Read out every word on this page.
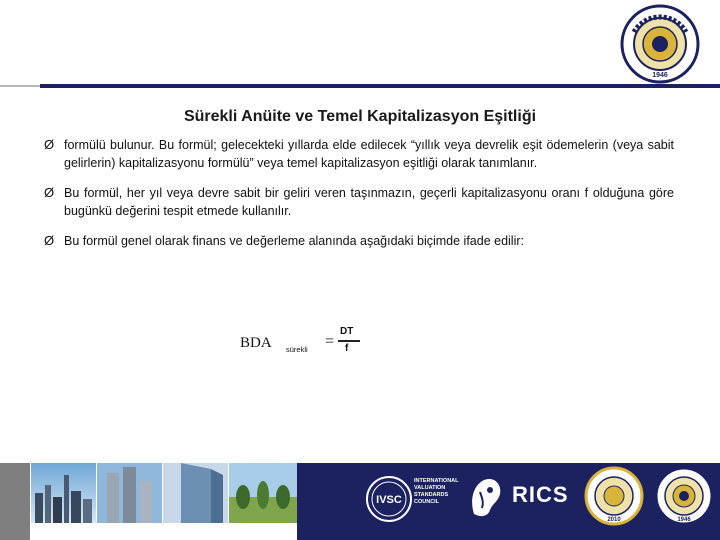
1946
Sürekli Anüite ve Temel Kapitalizasyon Eşitliği
Ø formülü bulunur. Bu formül; gelecekteki yıllarda elde edilecek “yıllık veya devrelik eşit ödemelerin (veya sabit gelirlerin) kapitalizasyonu formülü” veya temel kapitalizasyon eşitliği olarak tanımlanır.
Ø Bu formül, her yıl veya devre sabit bir geliri veren taşınmazın, geçerli kapitalizasyonu oranı f olduğuna göre bugünkü değerini tespit etmede kullanılır.
Ø Bu formül genel olarak finans ve değerleme alanında aşağıdaki biçimde ifade edilir:
BDA sürekli =
DT
f
IVSC
INTERNATIONAL VALUATION STANDARDS COUNCIL	RICS
2010	1946
